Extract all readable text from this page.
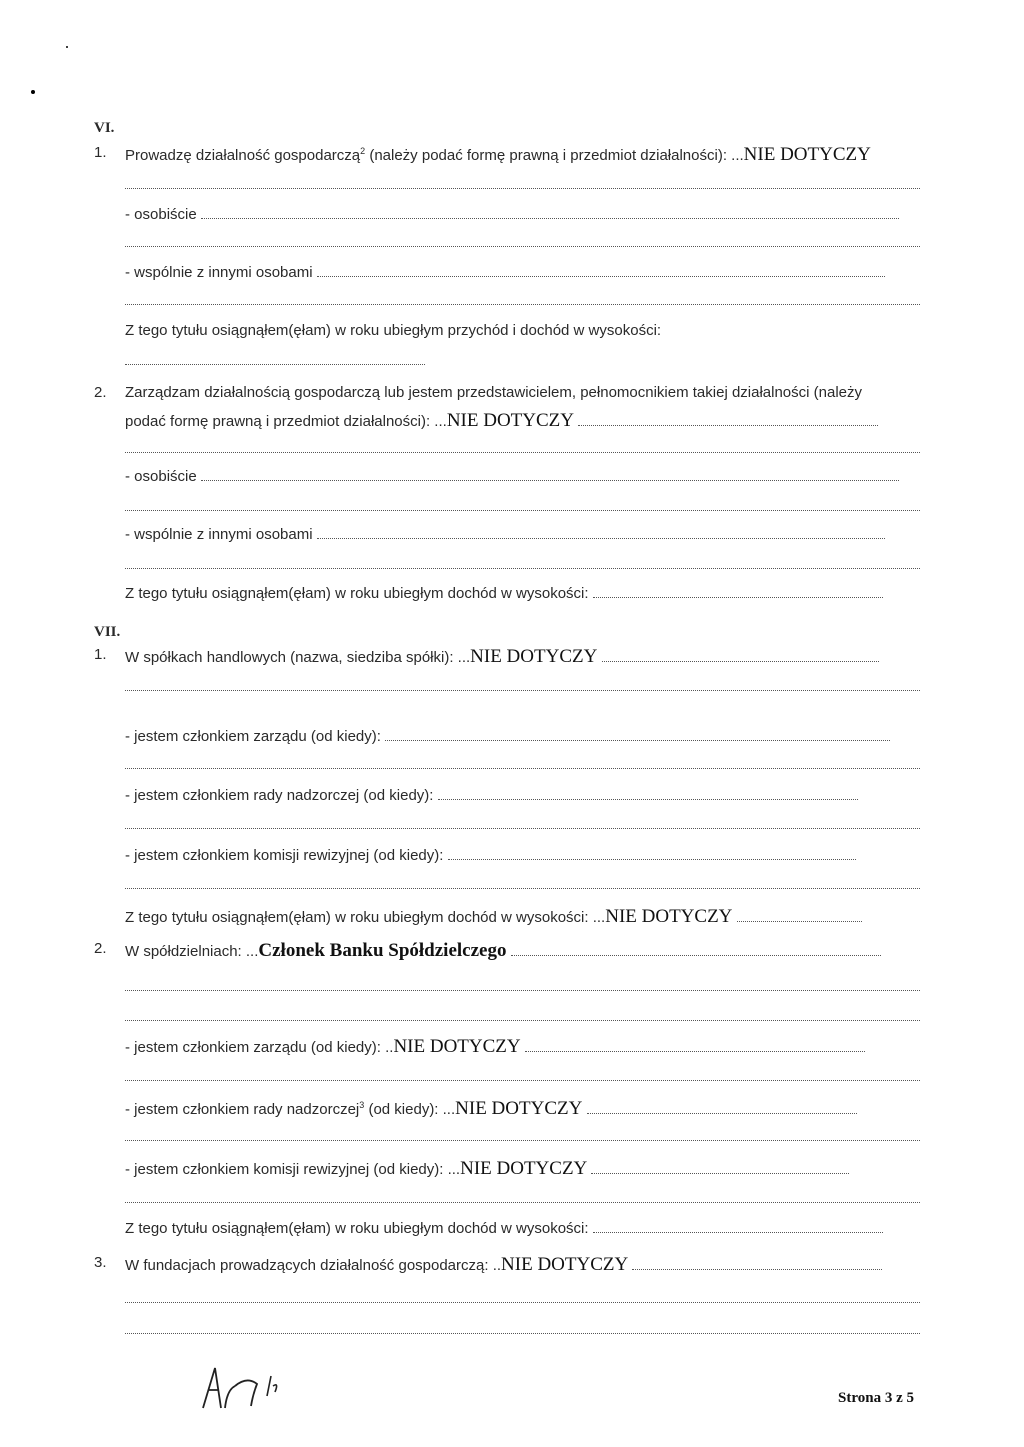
VI.
1. Prowadzę działalność gospodarczą$^2$ (należy podać formę prawną i przedmiot działalności): ...NIE DOTYCZY
- osobiście
- wspólnie z innymi osobami
Z tego tytułu osiągnąłem(ęłam) w roku ubiegłym przychód i dochód w wysokości:
2. Zarządzam działalnością gospodarczą lub jestem przedstawicielem, pełnomocnikiem takiej działalności (należy
podać formę prawną i przedmiot działalności): ...NIE DOTYCZY
- osobiście
- wspólnie z innymi osobami
Z tego tytułu osiągnąłem(ęłam) w roku ubiegłym dochód w wysokości:
VII.
1. W spółkach handlowych (nazwa, siedziba spółki): ...NIE DOTYCZY
- jestem członkiem zarządu (od kiedy):
- jestem członkiem rady nadzorczej (od kiedy):
- jestem członkiem komisji rewizyjnej (od kiedy):
Z tego tytułu osiągnąłem(ęłam) w roku ubiegłym dochód w wysokości: ...NIE DOTYCZY
2. W spółdzielniach: ...Członek Banku Spółdzielczego
- jestem członkiem zarządu (od kiedy): ..NIE DOTYCZY
- jestem członkiem rady nadzorczej$^3$ (od kiedy): ...NIE DOTYCZY
- jestem członkiem komisji rewizyjnej (od kiedy): ...NIE DOTYCZY
Z tego tytułu osiągnąłem(ęłam) w roku ubiegłym dochód w wysokości:
3. W fundacjach prowadzących działalność gospodarczą: ..NIE DOTYCZY
Strona 3 z 5
